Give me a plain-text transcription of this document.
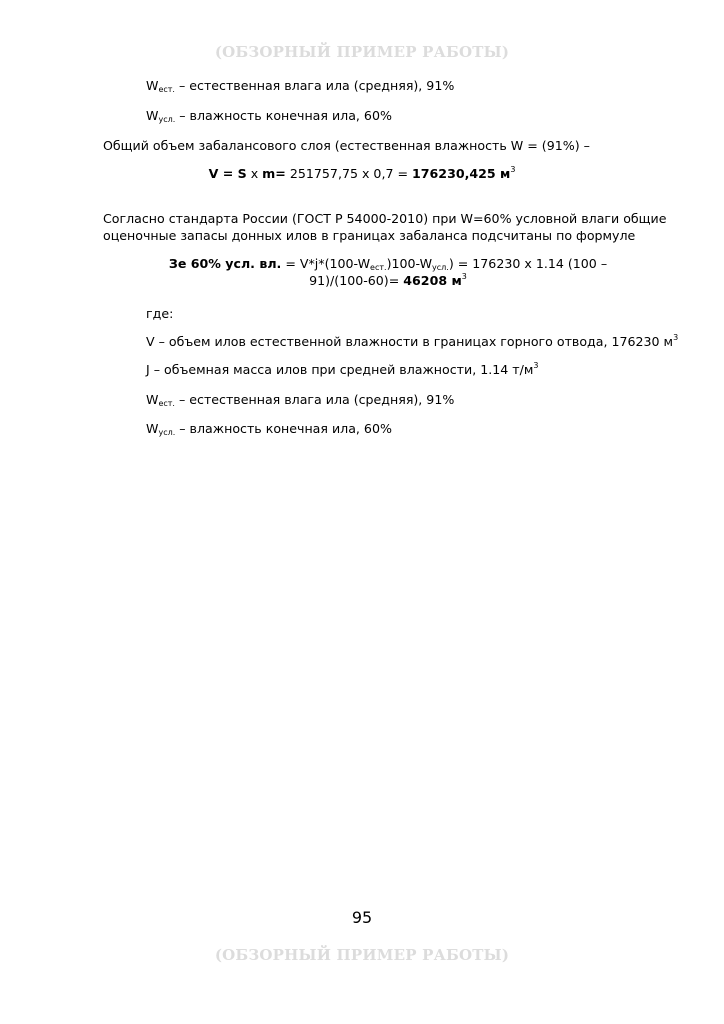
(ОБЗОРНЫЙ ПРИМЕР РАБОТЫ)
$W_{ест.}$ – естественная влага ила (средняя), 91%
$W_{усл.}$ – влажность конечная ила, 60%
Общий объем забалансового слоя (естественная влажность W = (91%) –
V = S х m= 251757,75 х 0,7 = 176230,425 $м^3$
Согласно стандарта России (ГОСТ Р 54000-2010) при W=60% условной влаги общие
оценочные запасы донных илов в границах забаланса подсчитаны по формуле
Зе 60% усл. вл. = $V*j*(100-W_{ест.})100-W_{усл.}) = 176230$ х 1.14 (100 – 91)/(100-60)= 46208 $м^3$
где:
V – объем илов естественной влажности в границах горного отвода, 176230 $м^3$
J – объемная масса илов при средней влажности, 1.14 $т/м^3$
$W_{ест.}$ – естественная влага ила (средняя), 91%
$W_{усл.}$ – влажность конечная ила, 60%
95
(ОБЗОРНЫЙ ПРИМЕР РАБОТЫ)
